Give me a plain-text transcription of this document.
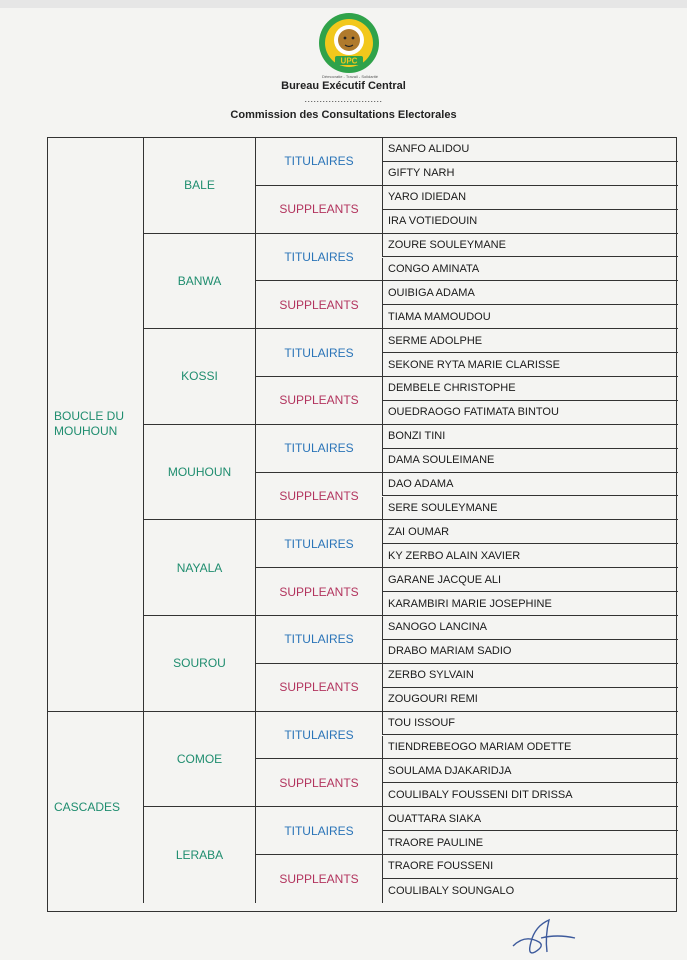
UPC
Démocratie - Travail - Solidarité
Bureau Exécutif Central
..........................
Commission des Consultations Electorales
SANFO ALIDOU
GIFTY NARH
TITULAIRES
YARO IDIEDAN
IRA VOTIEDOUIN
SUPPLEANTS
BALE
ZOURE SOULEYMANE
CONGO AMINATA
TITULAIRES
OUIBIGA ADAMA
TIAMA MAMOUDOU
SUPPLEANTS
BANWA
SERME ADOLPHE
SEKONE RYTA MARIE CLARISSE
TITULAIRES
DEMBELE CHRISTOPHE
OUEDRAOGO FATIMATA BINTOU
SUPPLEANTS
KOSSI
BONZI TINI
DAMA SOULEIMANE
TITULAIRES
DAO ADAMA
SERE SOULEYMANE
SUPPLEANTS
MOUHOUN
ZAI OUMAR
KY ZERBO ALAIN XAVIER
TITULAIRES
GARANE JACQUE ALI
KARAMBIRI MARIE JOSEPHINE
SUPPLEANTS
NAYALA
SANOGO LANCINA
DRABO MARIAM SADIO
TITULAIRES
ZERBO SYLVAIN
ZOUGOURI REMI
SUPPLEANTS
SOUROU
BOUCLE DU MOUHOUN
TOU ISSOUF
TIENDREBEOGO MARIAM ODETTE
TITULAIRES
SOULAMA DJAKARIDJA
COULIBALY FOUSSENI DIT DRISSA
SUPPLEANTS
COMOE
OUATTARA SIAKA
TRAORE PAULINE
TITULAIRES
TRAORE FOUSSENI
COULIBALY SOUNGALO
SUPPLEANTS
LERABA
CASCADES
